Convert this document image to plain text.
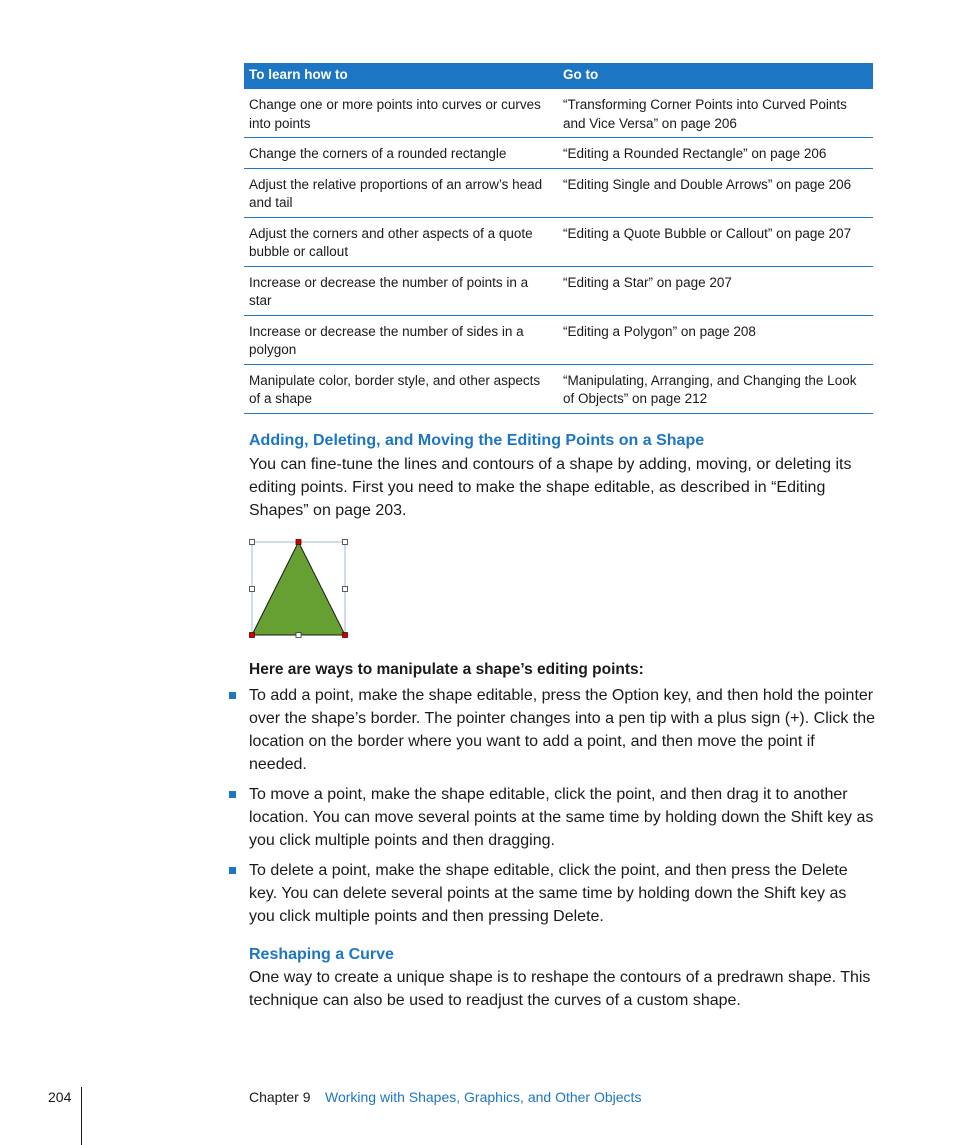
To learn how to	Go to
Change one or more points into curves or curves into points	“Transforming Corner Points into Curved Points and Vice Versa” on page 206
Change the corners of a rounded rectangle	“Editing a Rounded Rectangle” on page 206
Adjust the relative proportions of an arrow’s head and tail	“Editing Single and Double Arrows” on page 206
Adjust the corners and other aspects of a quote bubble or callout	“Editing a Quote Bubble or Callout” on page 207
Increase or decrease the number of points in a star	“Editing a Star” on page 207
Increase or decrease the number of sides in a polygon	“Editing a Polygon” on page 208
Manipulate color, border style, and other aspects of a shape	“Manipulating, Arranging, and Changing the Look of Objects” on page 212
Adding, Deleting, and Moving the Editing Points on a Shape

You can fine-tune the lines and contours of a shape by adding, moving, or deleting its editing points. First you need to make the shape editable, as described in “Editing Shapes” on page 203.

Here are ways to manipulate a shape’s editing points:

To add a point, make the shape editable, press the Option key, and then hold the pointer over the shape’s border. The pointer changes into a pen tip with a plus sign (+). Click the location on the border where you want to add a point, and then move the point if needed.
To move a point, make the shape editable, click the point, and then drag it to another location. You can move several points at the same time by holding down the Shift key as you click multiple points and then dragging.
To delete a point, make the shape editable, click the point, and then press the Delete key. You can delete several points at the same time by holding down the Shift key as you click multiple points and then pressing Delete.
Reshaping a Curve

One way to create a unique shape is to reshape the contours of a predrawn shape. This technique can also be used to readjust the curves of a custom shape.

204	Chapter 9 Working with Shapes, Graphics, and Other Objects
